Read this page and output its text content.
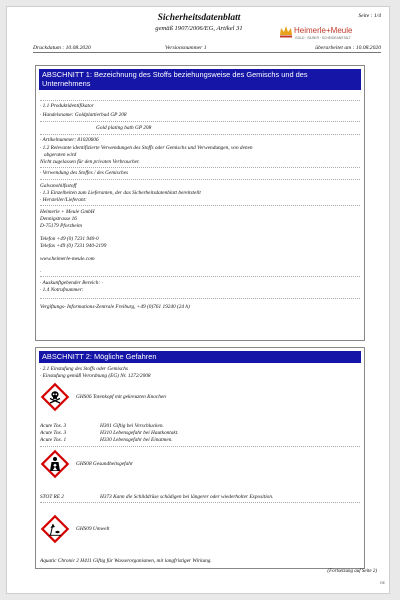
Sicherheitsdatenblatt
gemäß 1907/2006/EG, Artikel 31
Seite : 1/4
Heimerle+Meule
GOLD · SILBER · SCHEIDEANSTALT
Druckdatum : 10.08.2020	Versionsnummer 1	überarbeitet am : 10.08.2020
ABSCHNITT 1: Bezeichnung des Stoffs beziehungsweise des Gemischs und des Unternehmens
· 1.1 Produktidentifikator
· Handelsname: Goldplattierbad GP 208
Gold plating bath GP 208
· Artikelnummer: 81020606
· 1.2 Relevante identifizierte Verwendungen des Stoffs oder Gemischs und Verwendungen, von denen
abgeraten wird
Nicht zugelassen für den privaten Verbraucher.
· Verwendung des Stoffes / des Gemisches
Galvanohilfsstoff
· 1.3 Einzelheiten zum Lieferanten, der das Sicherheitsdatenblatt bereitstellt
· Hersteller/Lieferant:
Heimerle + Meule GmbH
Dennigstrasse 16
D-75179 Pforzheim
Telefon +49 (0) 7231 940-0
Telefax +49 (0) 7231 940-2199
www.heimerle-meule.com
·
· Auskunftgebender Bereich: ·
· 1.4 Notrufnummer:
Vergiftungs- Informations-Zentrale Freiburg, +49 (0)761 19240 (24 h)
ABSCHNITT 2: Mögliche Gefahren
· 2.1 Einstufung des Stoffs oder Gemischs
· Einstufung gemäß Verordnung (EG) Nr. 1272/2008
GHS06 Totenkopf mit gekreuzten Knochen
Acute Tox. 3	H301 Giftig bei Verschlucken.
Acute Tox. 3	H310 Lebensgefahr bei Hautkontakt.
Acute Tox. 1	H330 Lebensgefahr bei Einatmen.
GHS08 Gesundheitsgefahr
STOT RE 2	H373 Kann die Schilddrüse schädigen bei längerer oder wiederholter Exposition.
GHS09 Umwelt
Aquatic Chronic 2 H411 Giftig für Wasserorganismen, mit langfristiger Wirkung.
(Fortsetzung auf Seite 2)
DE
